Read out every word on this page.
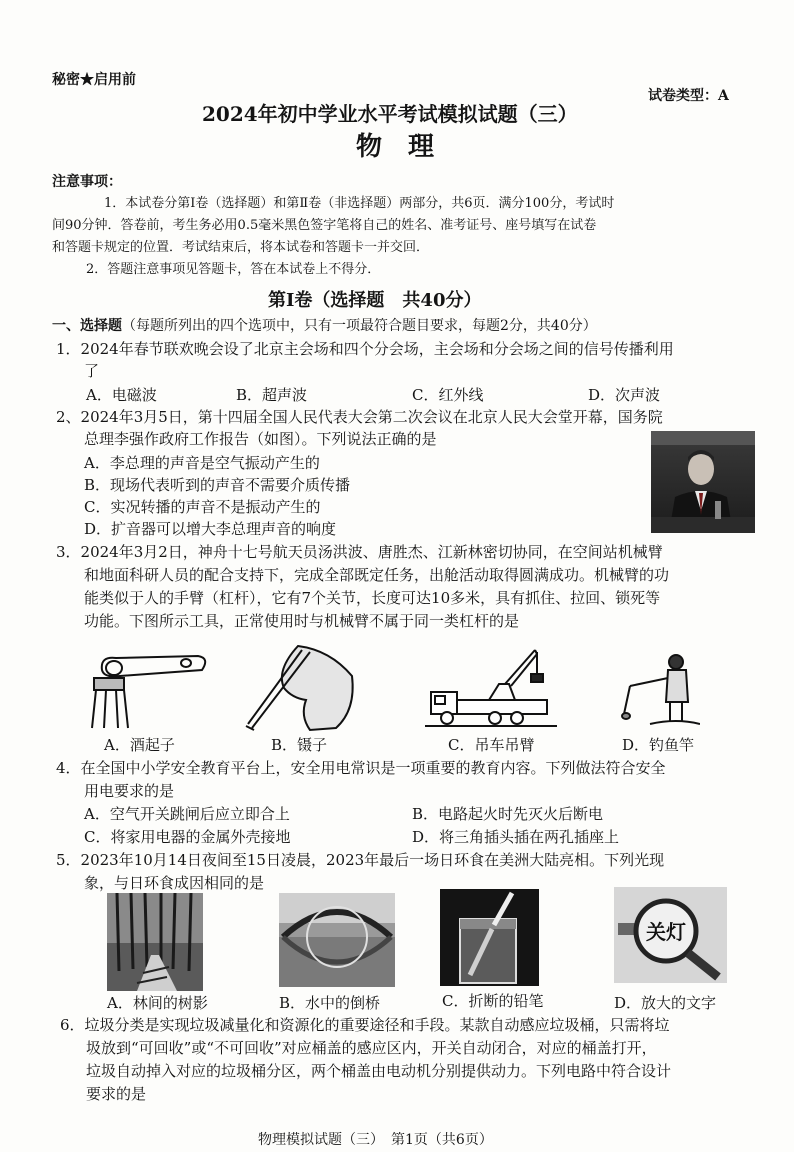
秘密★启用前
试卷类型：A
2024年初中学业水平考试模拟试题（三）
物　理
注意事项：
1．本试卷分第Ⅰ卷（选择题）和第Ⅱ卷（非选择题）两部分，共6页．满分100分，考试时
间90分钟．答卷前，考生务必用0.5毫米黑色签字笔将自己的姓名、准考证号、座号填写在试卷
和答题卡规定的位置．考试结束后，将本试卷和答题卡一并交回．
2．答题注意事项见答题卡，答在本试卷上不得分．
第Ⅰ卷（选择题　共40分）
一、选择题（每题所列出的四个选项中，只有一项最符合题目要求，每题2分，共40分）
1．2024年春节联欢晚会设了北京主会场和四个分会场，主会场和分会场之间的信号传播利用
了
A．电磁波	B．超声波	C．红外线	D．次声波
2、2024年3月5日，第十四届全国人民代表大会第二次会议在北京人民大会堂开幕，国务院
总理李强作政府工作报告（如图）。下列说法正确的是
A．李总理的声音是空气振动产生的
B．现场代表听到的声音不需要介质传播
C．实况转播的声音不是振动产生的
D．扩音器可以增大李总理声音的响度
3．2024年3月2日，神舟十七号航天员汤洪波、唐胜杰、江新林密切协同，在空间站机械臂
和地面科研人员的配合支持下，完成全部既定任务，出舱活动取得圆满成功。机械臂的功
能类似于人的手臂（杠杆），它有7个关节，长度可达10多米，具有抓住、拉回、锁死等
功能。下图所示工具，正常使用时与机械臂不属于同一类杠杆的是
A．酒起子	B．镊子	C．吊车吊臂	D．钓鱼竿
4．在全国中小学安全教育平台上，安全用电常识是一项重要的教育内容。下列做法符合安全
用电要求的是
A．空气开关跳闸后应立即合上	B．电路起火时先灭火后断电
C．将家用电器的金属外壳接地	D．将三角插头插在两孔插座上
5．2023年10月14日夜间至15日凌晨，2023年最后一场日环食在美洲大陆亮相。下列光现
象，与日环食成因相同的是
关灯
A．林间的树影	B．水中的倒桥	C．折断的铅笔	D．放大的文字
6．垃圾分类是实现垃圾减量化和资源化的重要途径和手段。某款自动感应垃圾桶，只需将垃
圾放到“可回收”或“不可回收”对应桶盖的感应区内，开关自动闭合，对应的桶盖打开，
垃圾自动掉入对应的垃圾桶分区，两个桶盖由电动机分别提供动力。下列电路中符合设计
要求的是
物理模拟试题（三）　第1页（共6页）
